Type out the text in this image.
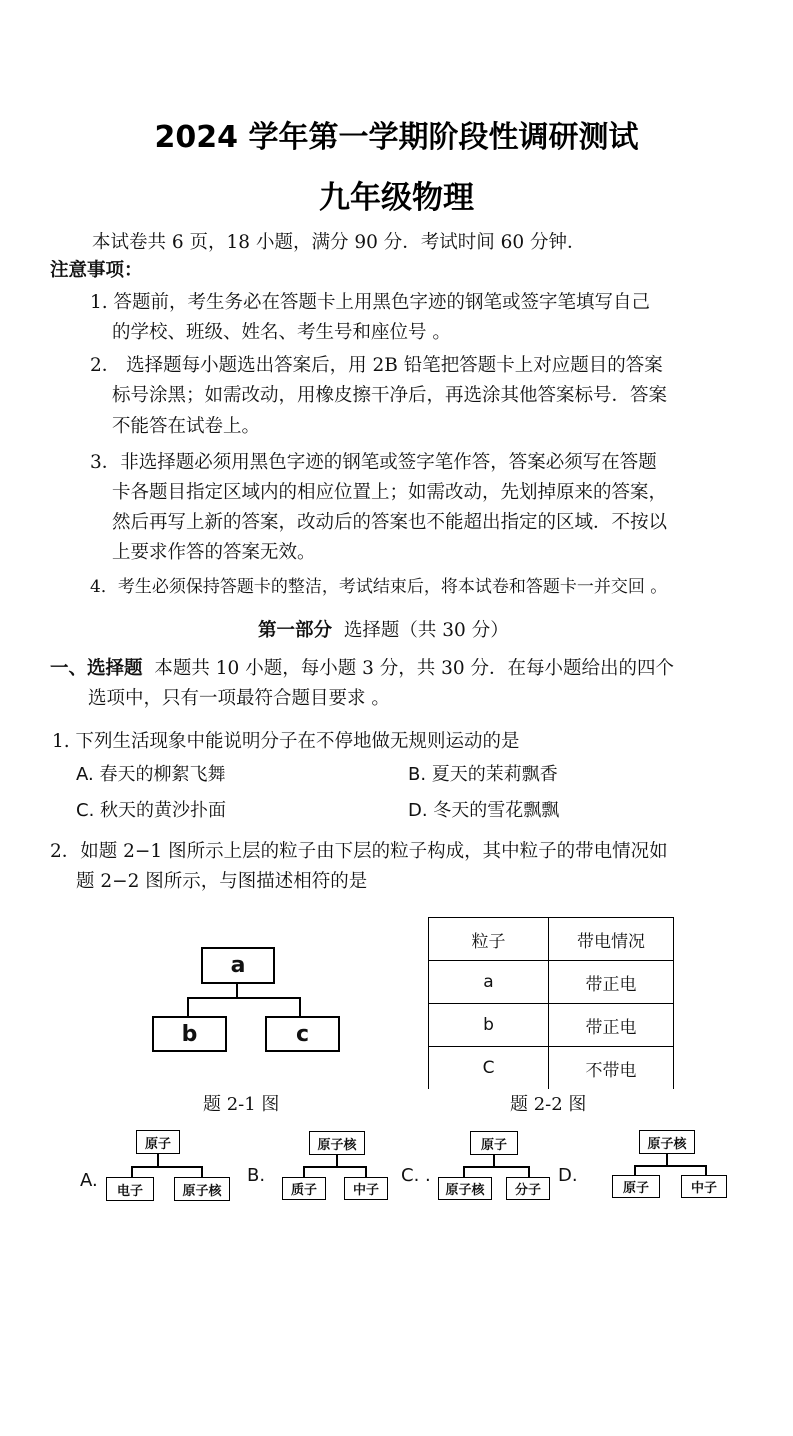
2024 学年第一学期阶段性调研测试
九年级物理
本试卷共 6 页，18 小题，满分 90 分．考试时间 60 分钟．
注意事项：
1. 答题前，考生务必在答题卡上用黑色字迹的钢笔或签字笔填写自己
的学校、班级、姓名、考生号和座位号 。
2． 选择题每小题选出答案后，用 2B 铅笔把答题卡上对应题目的答案
标号涂黑；如需改动，用橡皮擦干净后，再选涂其他答案标号．答案
不能答在试卷上。
3．非选择题必须用黑色字迹的钢笔或签字笔作答，答案必须写在答题
卡各题目指定区域内的相应位置上；如需改动，先划掉原来的答案，
然后再写上新的答案，改动后的答案也不能超出指定的区域．不按以
上要求作答的答案无效。
4．考生必须保持答题卡的整洁，考试结束后，将本试卷和答题卡一并交回 。
第一部分 选择题（共 30 分）
一、选择题 本题共 10 小题，每小题 3 分，共 30 分．在每小题给出的四个
选项中，只有一项最符合题目要求 。
1. 下列生活现象中能说明分子在不停地做无规则运动的是
A. 春天的柳絮飞舞	B. 夏天的茉莉飘香
C. 秋天的黄沙扑面	D. 冬天的雪花飘飘
2．如题 2−1 图所示上层的粒子由下层的粒子构成，其中粒子的带电情况如
题 2−2 图所示，与图描述相符的是
a
b	c
粒子	带电情况
a	带正电
b	带正电
C	不带电
题 2-1 图	题 2-2 图
A.
原子
电子	原子核
B.
原子核
质子	中子
C. .
原子
原子核	分子
D.
原子核
原子	中子
